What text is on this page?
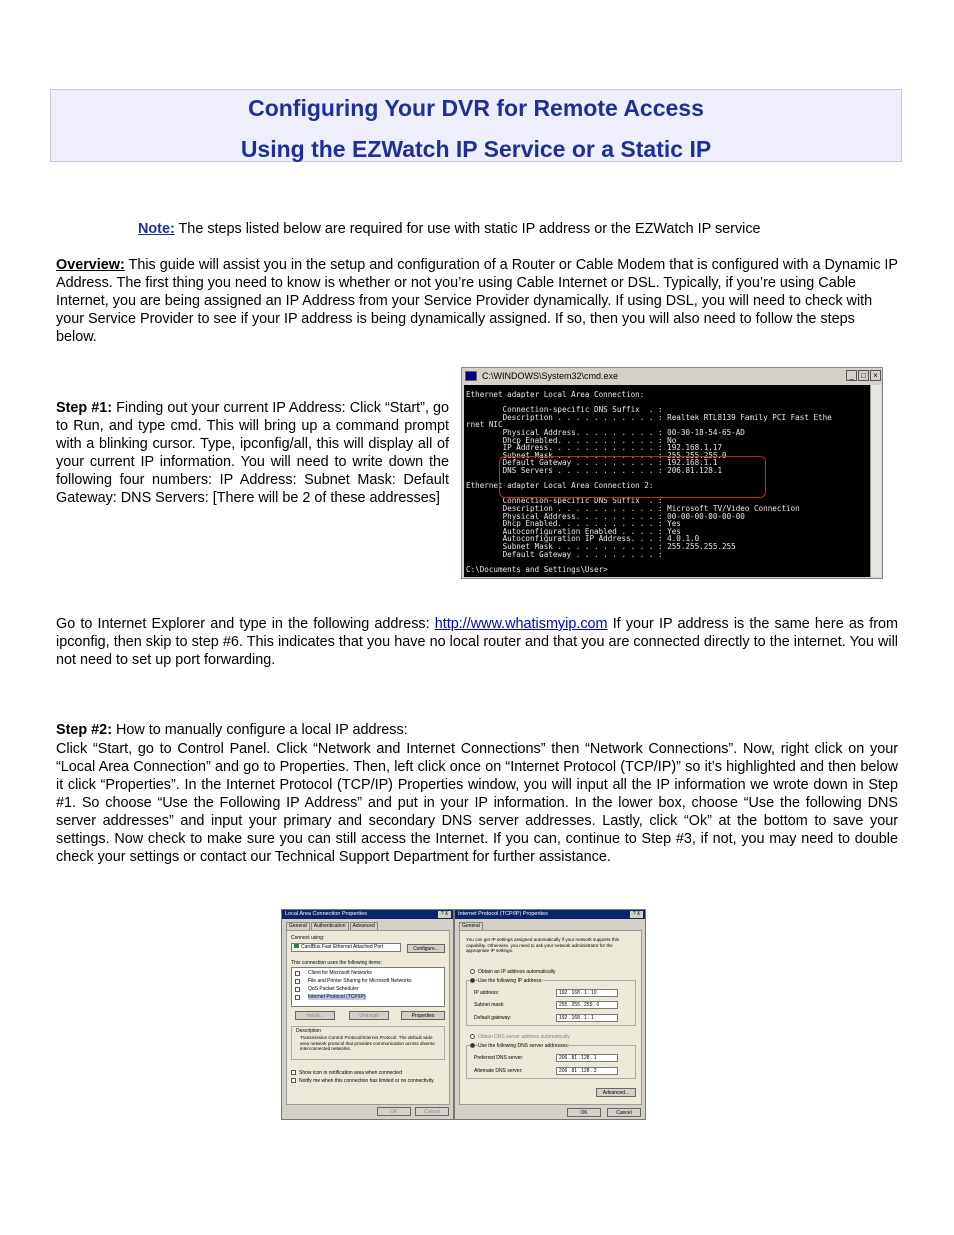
Configuring Your DVR for Remote Access
Using the EZWatch IP Service or a Static IP
Note: The steps listed below are required for use with static IP address or the EZWatch IP service
Overview: This guide will assist you in the setup and configuration of a Router or Cable Modem that is configured with a Dynamic IP Address. The first thing you need to know is whether or not you’re using Cable Internet or DSL. Typically, if you’re using Cable Internet, you are being assigned an IP Address from your Service Provider dynamically. If using DSL, you will need to check with your Service Provider to see if your IP address is being dynamically assigned. If so, then you will also need to follow the steps below.
Step #1: Finding out your current IP Address: Click “Start”, go to Run, and type cmd. This will bring up a command prompt with a blinking cursor. Type, ipconfig/all, this will display all of your current IP information. You will need to write down the following four numbers: IP Address: Subnet Mask: Default Gateway: DNS Servers: [There will be 2 of these addresses]
C:\WINDOWS\System32\cmd.exe	_ □ ×
Ethernet adapter Local Area Connection:
Connection-specific DNS Suffix  . :
Description . . . . . . . . . . . : Realtek RTL8139 Family PCI Fast Ethe
rnet NIC
Physical Address. . . . . . . . . : 00-30-18-54-65-AD
Dhcp Enabled. . . . . . . . . . . : No
IP Address. . . . . . . . . . . . : 192.168.1.17
Subnet Mask . . . . . . . . . . . : 255.255.255.0
Default Gateway . . . . . . . . . : 192.168.1.1
DNS Servers . . . . . . . . . . . : 206.81.128.1
Ethernet adapter Local Area Connection 2:
Connection-specific DNS Suffix  . :
Description . . . . . . . . . . . : Microsoft TV/Video Connection
Physical Address. . . . . . . . . : 00-00-00-00-00-00
Dhcp Enabled. . . . . . . . . . . : Yes
Autoconfiguration Enabled . . . . : Yes
Autoconfiguration IP Address. . . : 4.0.1.0
Subnet Mask . . . . . . . . . . . : 255.255.255.255
Default Gateway . . . . . . . . . :
C:\Documents and Settings\User>
Go to Internet Explorer and type in the following address: http://www.whatismyip.com If your IP address is the same here as from ipconfig, then skip to step #6. This indicates that you have no local router and that you are connected directly to the internet. You will not need to set up port forwarding.
Step #2: How to manually configure a local IP address:
Click “Start, go to Control Panel. Click “Network and Internet Connections” then “Network Connections”. Now, right click on your “Local Area Connection” and go to Properties. Then, left click once on “Internet Protocol (TCP/IP)” so it’s highlighted and then below it click “Properties”. In the Internet Protocol (TCP/IP) Properties window, you will input all the IP information we wrote down in Step #1. So choose “Use the Following IP Address” and put in your IP information. In the lower box, choose “Use the following DNS server addresses” and input your primary and secondary DNS server addresses. Lastly, click “Ok” at the bottom to save your settings. Now check to make sure you can still access the Internet. If you can, continue to Step #3, if not, you may need to double check your settings or contact our Technical Support Department for further assistance.
Local Area Connection Properties	? X
General	Authentication	Advanced
Connect using:
CardBus Fast Ethernet Attached Port	Configure...
This connection uses the following items:
Client for Microsoft Networks
File and Printer Sharing for Microsoft Networks
QoS Packet Scheduler
Internet Protocol (TCP/IP)
Install...	Uninstall	Properties
Description
Transmission Control Protocol/Internet Protocol. The default wide area network protocol that provides communication across diverse interconnected networks.
Show icon in notification area when connected
Notify me when this connection has limited or no connectivity
OK	Cancel
Internet Protocol (TCP/IP) Properties	? X
General
You can get IP settings assigned automatically if your network supports this capability. Otherwise, you need to ask your network administrator for the appropriate IP settings.
Obtain an IP address automatically
Use the following IP address:
IP address:	192 . 168 . 1 . 10
Subnet mask:	255 . 255 . 255 . 0
Default gateway:	192 . 168 . 1 . 1
Obtain DNS server address automatically
Use the following DNS server addresses:
Preferred DNS server:	206 . 81 . 128 . 1
Alternate DNS server:	206 . 81 . 128 . 2
Advanced...
OK	Cancel
